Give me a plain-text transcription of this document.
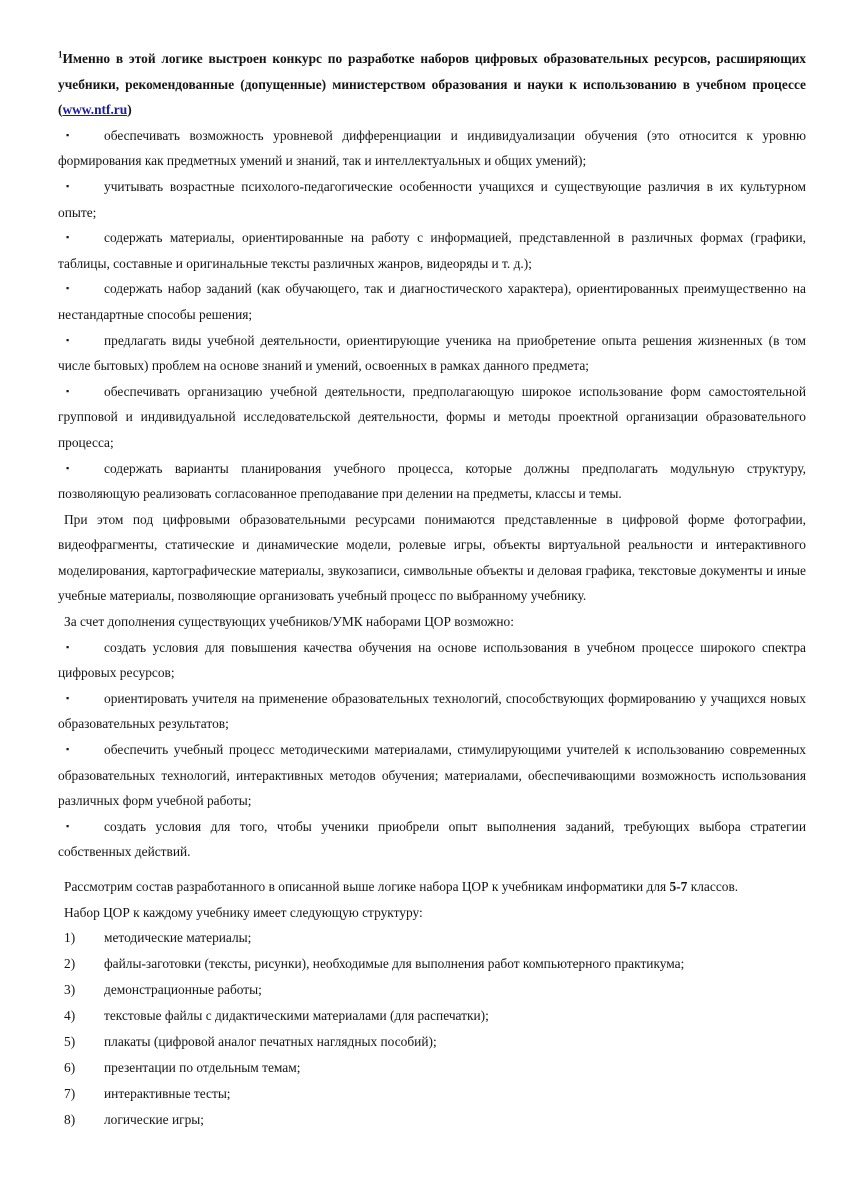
$^1$Именно в этой логике выстроен конкурс по разработке наборов цифровых образовательных ресурсов, расширяющих учебники, рекомендованные (допущенные) министерством образования и науки к использованию в учебном процессе (www.ntf.ru)

▪	обеспечивать возможность уровневой дифференциации и индивидуализации обучения (это относится к уровню формирования как предметных умений и знаний, так и интеллектуальных и общих умений);

▪	учитывать возрастные психолого-педагогические особенности учащихся и существующие различия в их культурном опыте;

▪	содержать материалы, ориентированные на работу с информацией, представленной в различных формах (графики, таблицы, составные и оригинальные тексты различных жанров, видеоряды и т. д.);

▪	содержать набор заданий (как обучающего, так и диагностического характера), ориентированных преимущественно на нестандартные способы решения;

▪	предлагать виды учебной деятельности, ориентирующие ученика на приобретение опыта решения жизненных (в том числе бытовых) проблем на основе знаний и умений, освоенных в рамках данного предмета;

▪	обеспечивать организацию учебной деятельности, предполагающую широкое использование форм самостоятельной групповой и индивидуальной исследовательской деятельности, формы и методы проектной организации образовательного процесса;

▪	содержать варианты планирования учебного процесса, которые должны предполагать модульную структуру, позволяющую реализовать согласованное преподавание при делении на предметы, классы и темы.

При этом под цифровыми образовательными ресурсами понимаются представленные в цифровой форме фотографии, видеофрагменты, статические и динамические модели, ролевые игры, объекты виртуальной реальности и интерактивного моделирования, картографические материалы, звукозаписи, символьные объекты и деловая графика, текстовые документы и иные учебные материалы, позволяющие организовать учебный процесс по выбранному учебнику.

За счет дополнения существующих учебников/УМК наборами ЦОР возможно:

▪	создать условия для повышения качества обучения на основе использования в учебном процессе широкого спектра цифровых ресурсов;

▪	ориентировать учителя на применение образовательных технологий, способствующих формированию у учащихся новых образовательных результатов;

▪	обеспечить учебный процесс методическими материалами, стимулирующими учителей к использованию современных образовательных технологий, интерактивных методов обучения; материалами, обеспечивающими возможность использования различных форм учебной работы;

▪	создать условия для того, чтобы ученики приобрели опыт выполнения заданий, требующих выбора стратегии собственных действий.

Рассмотрим состав разработанного в описанной выше логике набора ЦОР к учебникам информатики для 5-7 классов.

Набор ЦОР к каждому учебнику имеет следующую структуру:

1) методические материалы;

2) файлы-заготовки (тексты, рисунки), необходимые для выполнения работ компьютерного практикума;

3) демонстрационные работы;

4) текстовые файлы с дидактическими материалами (для распечатки);

5) плакаты (цифровой аналог печатных наглядных пособий);

6) презентации по отдельным темам;

7) интерактивные тесты;

8) логические игры;
